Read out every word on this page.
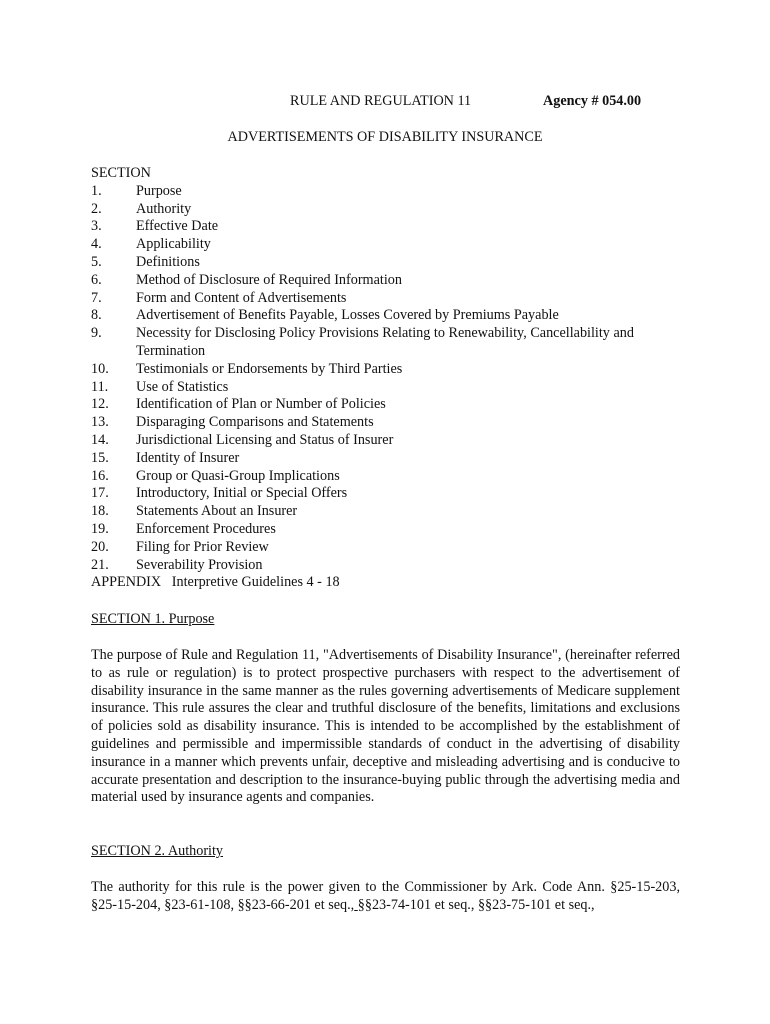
RULE AND REGULATION 11	Agency # 054.00
ADVERTISEMENTS OF DISABILITY INSURANCE
SECTION
1.	Purpose
2.	Authority
3.	Effective Date
4.	Applicability
5.	Definitions
6.	Method of Disclosure of Required Information
7.	Form and Content of Advertisements
8.	Advertisement of Benefits Payable, Losses Covered by Premiums Payable
9.	Necessity for Disclosing Policy Provisions Relating to Renewability, Cancellability and Termination
10.	Testimonials or Endorsements by Third Parties
11.	Use of Statistics
12.	Identification of Plan or Number of Policies
13.	Disparaging Comparisons and Statements
14.	Jurisdictional Licensing and Status of Insurer
15.	Identity of Insurer
16.	Group or Quasi-Group Implications
17.	Introductory, Initial or Special Offers
18.	Statements About an Insurer
19.	Enforcement Procedures
20.	Filing for Prior Review
21.	Severability Provision
APPENDIX   Interpretive Guidelines 4 - 18
SECTION 1. Purpose
The purpose of Rule and Regulation 11, "Advertisements of Disability Insurance", (hereinafter referred to as rule or regulation) is to protect prospective purchasers with respect to the advertisement of disability insurance in the same manner as the rules governing advertisements of Medicare supplement insurance. This rule assures the clear and truthful disclosure of the benefits, limitations and exclusions of policies sold as disability insurance. This is intended to be accomplished by the establishment of guidelines and permissible and impermissible standards of conduct in the advertising of disability insurance in a manner which prevents unfair, deceptive and misleading advertising and is conducive to accurate presentation and description to the insurance-buying public through the advertising media and material used by insurance agents and companies.
SECTION 2. Authority
The authority for this rule is the power given to the Commissioner by Ark. Code Ann. §25-15-203, §25-15-204, §23-61-108, §§23-66-201 et seq., §§23-74-101 et seq., §§23-75-101 et seq.,
